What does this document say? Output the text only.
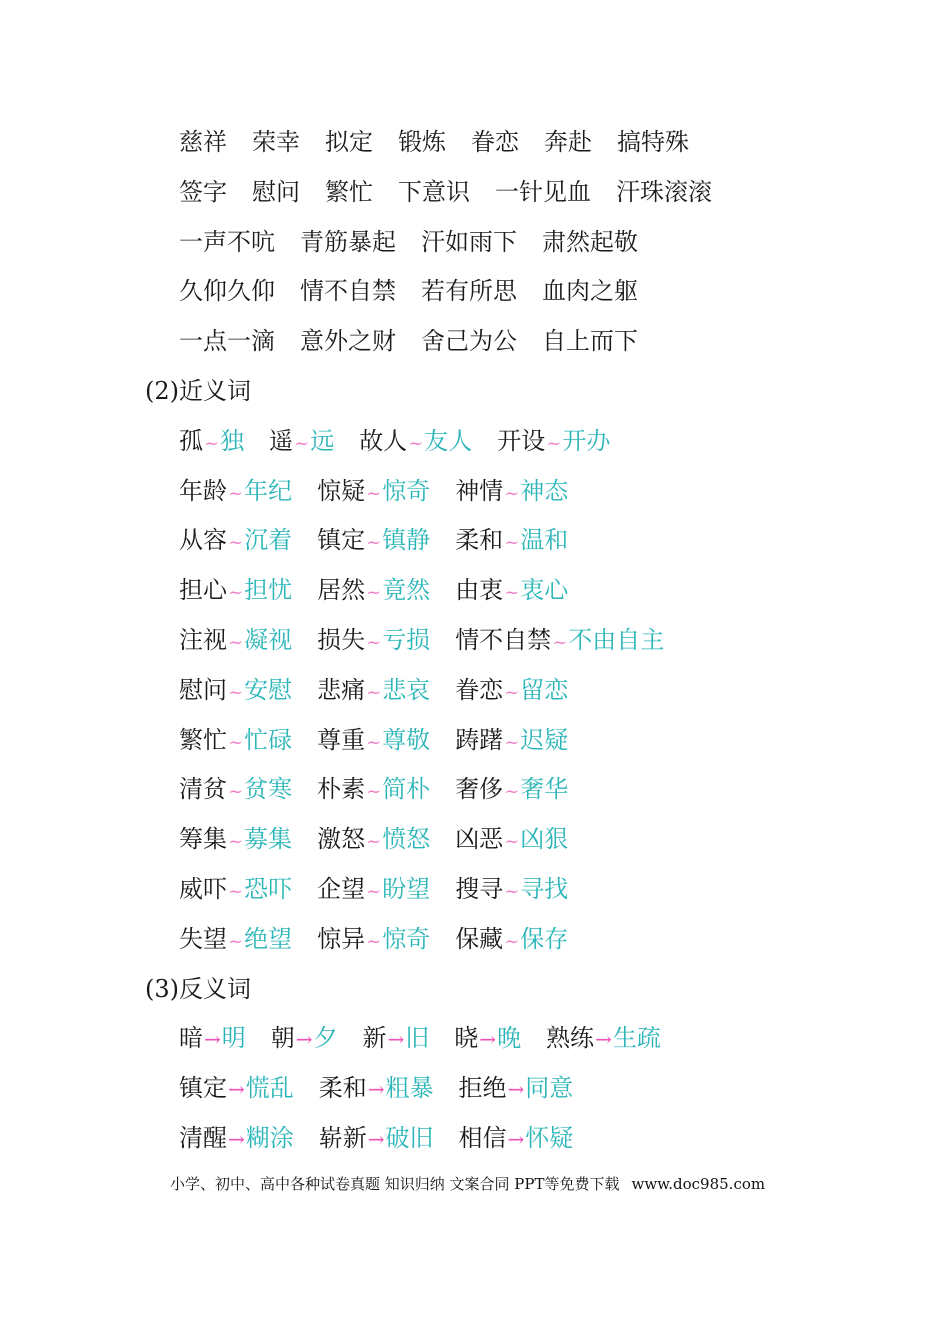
慈祥 荣幸 拟定 锻炼 眷恋 奔赴 搞特殊
签字 慰问 繁忙 下意识 一针见血 汗珠滚滚
一声不吭 青筋暴起 汗如雨下 肃然起敬
久仰久仰 情不自禁 若有所思 血肉之躯
一点一滴 意外之财 舍己为公 自上而下
(2)近义词
孤~独 遥~远 故人~友人 开设~开办
年龄~年纪 惊疑~惊奇 神情~神态
从容~沉着 镇定~镇静 柔和~温和
担心~担忧 居然~竟然 由衷~衷心
注视~凝视 损失~亏损 情不自禁~不由自主
慰问~安慰 悲痛~悲哀 眷恋~留恋
繁忙~忙碌 尊重~尊敬 踌躇~迟疑
清贫~贫寒 朴素~简朴 奢侈~奢华
筹集~募集 激怒~愤怒 凶恶~凶狠
威吓~恐吓 企望~盼望 搜寻~寻找
失望~绝望 惊异~惊奇 保藏~保存
(3)反义词
暗→明 朝→夕 新→旧 晓→晚 熟练→生疏
镇定→慌乱 柔和→粗暴 拒绝→同意
清醒→糊涂 崭新→破旧 相信→怀疑
小学、初中、高中各种试卷真题 知识归纳 文案合同 PPT等免费下载 www.doc985.com
